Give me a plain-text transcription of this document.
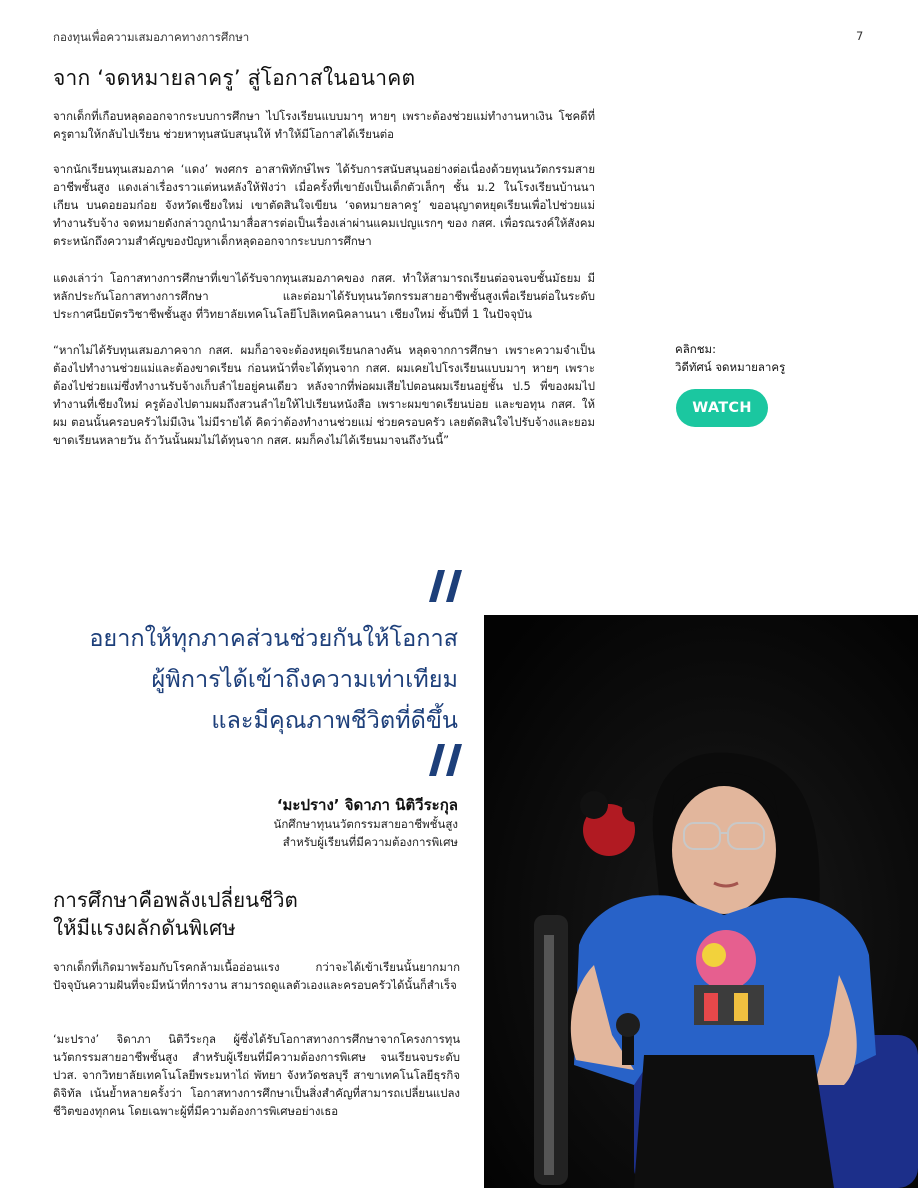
กองทุนเพื่อความเสมอภาคทางการศึกษา	7
จาก ‘จดหมายลาครู’ สู่โอกาสในอนาคต

จากเด็กที่เกือบหลุดออกจากระบบการศึกษา ไปโรงเรียนแบบมาๆ หายๆ เพราะต้องช่วยแม่ทำงานหาเงิน โชคดีที่ครูตามให้กลับไปเรียน ช่วยหาทุนสนับสนุนให้ ทำให้มีโอกาสได้เรียนต่อ

จากนักเรียนทุนเสมอภาค ‘แดง’ พงศกร อาสาพิทักษ์ไพร ได้รับการสนับสนุนอย่างต่อเนื่องด้วยทุนนวัตกรรมสายอาชีพชั้นสูง แดงเล่าเรื่องราวแต่หนหลังให้ฟังว่า เมื่อครั้งที่เขายังเป็นเด็กตัวเล็กๆ ชั้น ม.2 ในโรงเรียนบ้านนาเกียน บนดอยอมก๋อย จังหวัดเชียงใหม่ เขาตัดสินใจเขียน ‘จดหมายลาครู’ ขออนุญาตหยุดเรียนเพื่อไปช่วยแม่ทำงานรับจ้าง จดหมายดังกล่าวถูกนำมาสื่อสารต่อเป็นเรื่องเล่าผ่านแคมเปญแรกๆ ของ กสศ. เพื่อรณรงค์ให้สังคมตระหนักถึงความสำคัญของปัญหาเด็กหลุดออกจากระบบการศึกษา

แดงเล่าว่า โอกาสทางการศึกษาที่เขาได้รับจากทุนเสมอภาคของ กสศ. ทำให้สามารถเรียนต่อจนจบชั้นมัธยม มีหลักประกันโอกาสทางการศึกษา และต่อมาได้รับทุนนวัตกรรมสายอาชีพชั้นสูงเพื่อเรียนต่อในระดับประกาศนียบัตรวิชาชีพชั้นสูง ที่วิทยาลัยเทคโนโลยีโปลิเทคนิคลานนา เชียงใหม่ ชั้นปีที่ 1 ในปัจจุบัน

“หากไม่ได้รับทุนเสมอภาคจาก กสศ. ผมก็อาจจะต้องหยุดเรียนกลางคัน หลุดจากการศึกษา เพราะความจำเป็นต้องไปทำงานช่วยแม่และต้องขาดเรียน ก่อนหน้าที่จะได้ทุนจาก กสศ. ผมเคยไปโรงเรียนแบบมาๆ หายๆ เพราะต้องไปช่วยแม่ซึ่งทำงานรับจ้างเก็บลำไยอยู่คนเดียว หลังจากที่พ่อผมเสียไปตอนผมเรียนอยู่ชั้น ป.5 พี่ของผมไปทำงานที่เชียงใหม่ ครูต้องไปตามผมถึงสวนลำไยให้ไปเรียนหนังสือ เพราะผมขาดเรียนบ่อย และขอทุน กสศ. ให้ผม ตอนนั้นครอบครัวไม่มีเงิน ไม่มีรายได้ คิดว่าต้องทำงานช่วยแม่ ช่วยครอบครัว เลยตัดสินใจไปรับจ้างและยอมขาดเรียนหลายวัน ถ้าวันนั้นผมไม่ได้ทุนจาก กสศ. ผมก็คงไม่ได้เรียนมาจนถึงวันนี้”

คลิกชม:
วิดีทัศน์ จดหมายลาครู
WATCH
อยากให้ทุกภาคส่วนช่วยกันให้โอกาส
ผู้พิการได้เข้าถึงความเท่าเทียม
และมีคุณภาพชีวิตที่ดีขึ้น
‘มะปราง’ จิดาภา นิติวีระกุล
นักศึกษาทุนนวัตกรรมสายอาชีพชั้นสูง
สำหรับผู้เรียนที่มีความต้องการพิเศษ
การศึกษาคือพลังเปลี่ยนชีวิต
ให้มีแรงผลักดันพิเศษ

จากเด็กที่เกิดมาพร้อมกับโรคกล้ามเนื้ออ่อนแรง กว่าจะได้เข้าเรียนนั้นยากมาก ปัจจุบันความฝันที่จะมีหน้าที่การงาน สามารถดูแลตัวเองและครอบครัวได้นั้นก็สำเร็จ

‘มะปราง’ จิดาภา นิติวีระกุล ผู้ซึ่งได้รับโอกาสทางการศึกษาจากโครงการทุนนวัตกรรมสายอาชีพชั้นสูง สำหรับผู้เรียนที่มีความต้องการพิเศษ จนเรียนจบระดับ ปวส. จากวิทยาลัยเทคโนโลยีพระมหาไถ่ พัทยา จังหวัดชลบุรี สาขาเทคโนโลยีธุรกิจดิจิทัล เน้นย้ำหลายครั้งว่า โอกาสทางการศึกษาเป็นสิ่งสำคัญที่สามารถเปลี่ยนแปลงชีวิตของทุกคน โดยเฉพาะผู้ที่มีความต้องการพิเศษอย่างเธอ
